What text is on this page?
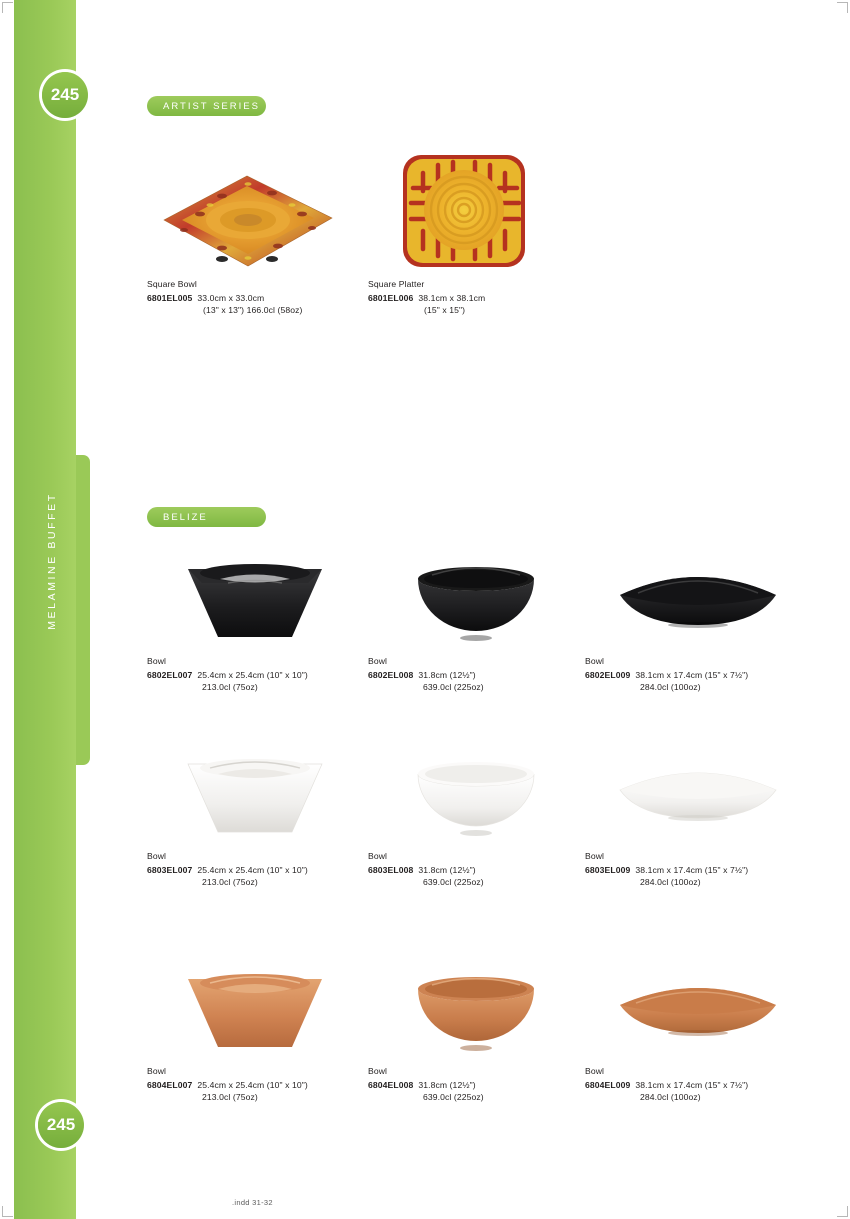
MELAMINE BUFFET
245
245
ARTIST SERIES
Square Bowl
6801EL005 33.0cm x 33.0cm
(13" x 13") 166.0cl (58oz)
Square Platter
6801EL006 38.1cm x 38.1cm
(15" x 15")
BELIZE
Bowl
6802EL007 25.4cm x 25.4cm (10" x 10")
213.0cl (75oz)
Bowl
6802EL008 31.8cm (12½")
639.0cl (225oz)
Bowl
6802EL009 38.1cm x 17.4cm (15" x 7½")
284.0cl (100oz)
Bowl
6803EL007 25.4cm x 25.4cm (10" x 10")
213.0cl (75oz)
Bowl
6803EL008 31.8cm (12½")
639.0cl (225oz)
Bowl
6803EL009 38.1cm x 17.4cm (15" x 7½")
284.0cl (100oz)
Bowl
6804EL007 25.4cm x 25.4cm (10" x 10")
213.0cl (75oz)
Bowl
6804EL008 31.8cm (12½")
639.0cl (225oz)
Bowl
6804EL009 38.1cm x 17.4cm (15" x 7½")
284.0cl (100oz)
.indd 31-32
